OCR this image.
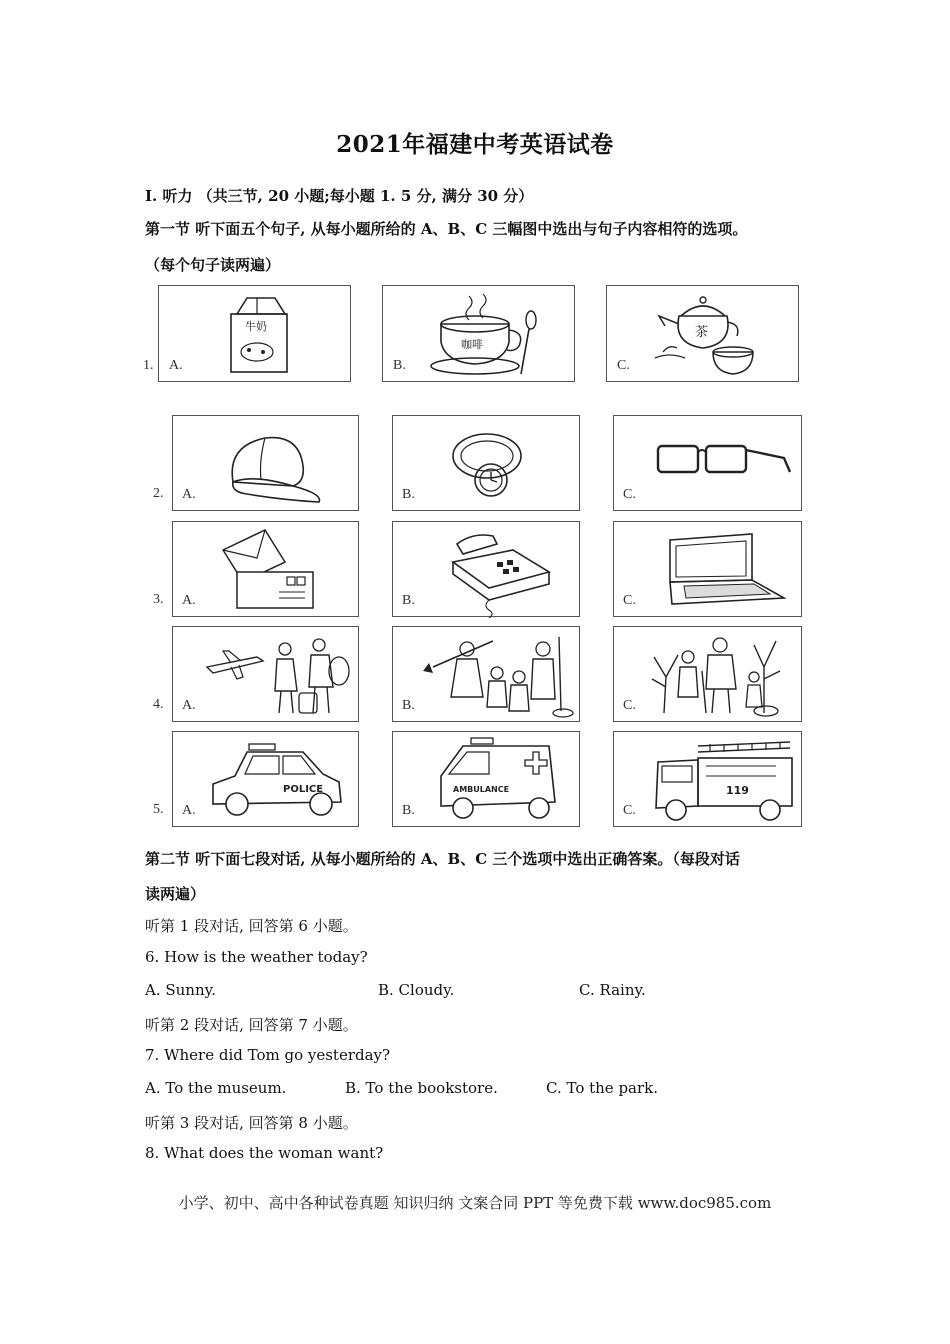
2021年福建中考英语试卷
I. 听力 （共三节, 20 小题;每小题 1. 5 分, 满分 30 分）
第一节 听下面五个句子, 从每小题所给的 A、B、C 三幅图中选出与句子内容相符的选项。
（每个句子读两遍）
1.
牛奶
A.
咖啡
B.
茶
C.
2. A.	B.	C.
3. A.	B.	C.
4. A.	B.	C.
5.
POLICE
A.
AMBULANCE
B.
119
C.
第二节 听下面七段对话, 从每小题所给的 A、B、C 三个选项中选出正确答案。（每段对话
读两遍）
听第 1 段对话, 回答第 6 小题。
6. How is the weather today?
A. Sunny.	B. Cloudy.	C. Rainy.
听第 2 段对话, 回答第 7 小题。
7. Where did Tom go yesterday?
A. To the museum.	B. To the bookstore.	C. To the park.
听第 3 段对话, 回答第 8 小题。
8. What does the woman want?
小学、初中、高中各种试卷真题 知识归纳 文案合同 PPT 等免费下载 www.doc985.com
